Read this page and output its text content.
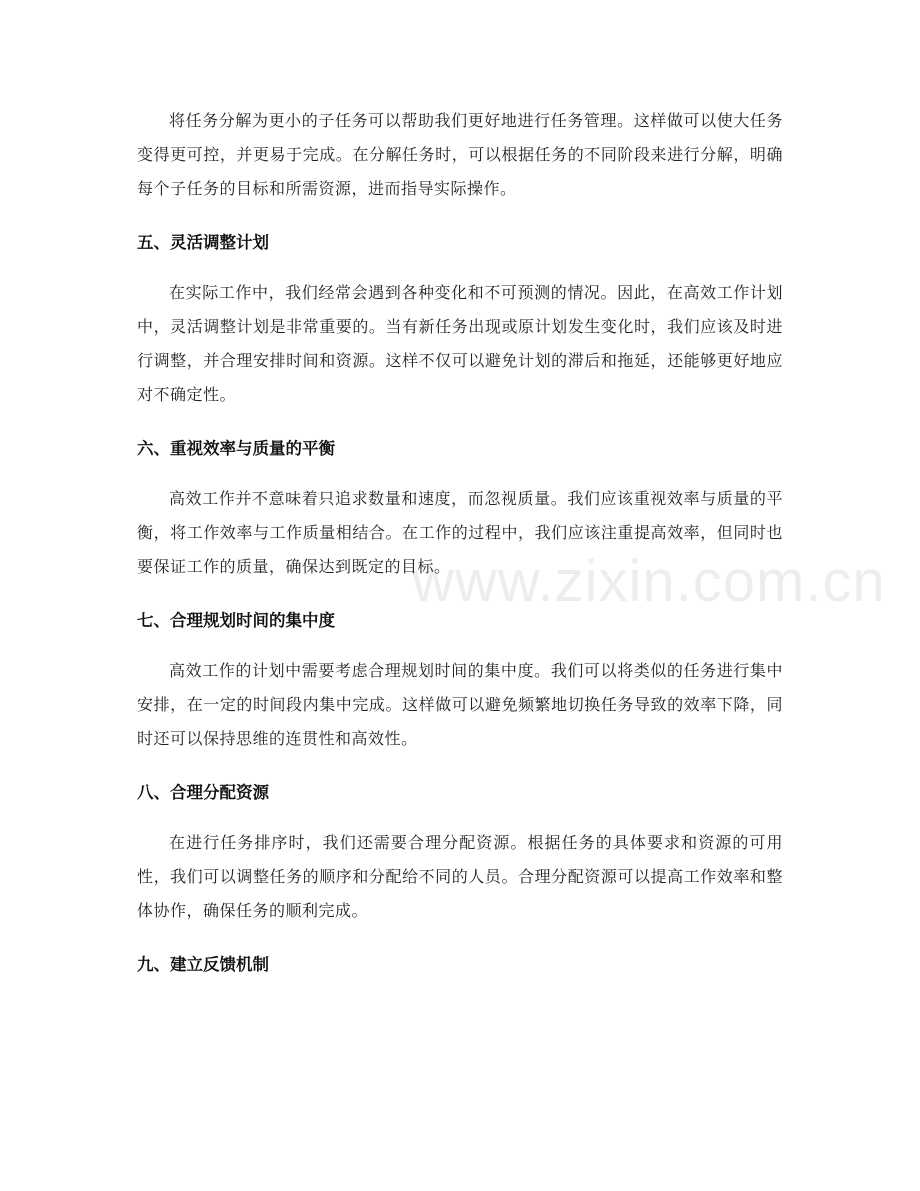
将任务分解为更小的子任务可以帮助我们更好地进行任务管理。这样做可以使大任务变得更可控，并更易于完成。在分解任务时，可以根据任务的不同阶段来进行分解，明确每个子任务的目标和所需资源，进而指导实际操作。

五、灵活调整计划

在实际工作中，我们经常会遇到各种变化和不可预测的情况。因此，在高效工作计划中，灵活调整计划是非常重要的。当有新任务出现或原计划发生变化时，我们应该及时进行调整，并合理安排时间和资源。这样不仅可以避免计划的滞后和拖延，还能够更好地应对不确定性。

六、重视效率与质量的平衡

高效工作并不意味着只追求数量和速度，而忽视质量。我们应该重视效率与质量的平衡，将工作效率与工作质量相结合。在工作的过程中，我们应该注重提高效率，但同时也要保证工作的质量，确保达到既定的目标。

七、合理规划时间的集中度

高效工作的计划中需要考虑合理规划时间的集中度。我们可以将类似的任务进行集中安排，在一定的时间段内集中完成。这样做可以避免频繁地切换任务导致的效率下降，同时还可以保持思维的连贯性和高效性。

八、合理分配资源

在进行任务排序时，我们还需要合理分配资源。根据任务的具体要求和资源的可用性，我们可以调整任务的顺序和分配给不同的人员。合理分配资源可以提高工作效率和整体协作，确保任务的顺利完成。

九、建立反馈机制
www.zixin.com.cn
